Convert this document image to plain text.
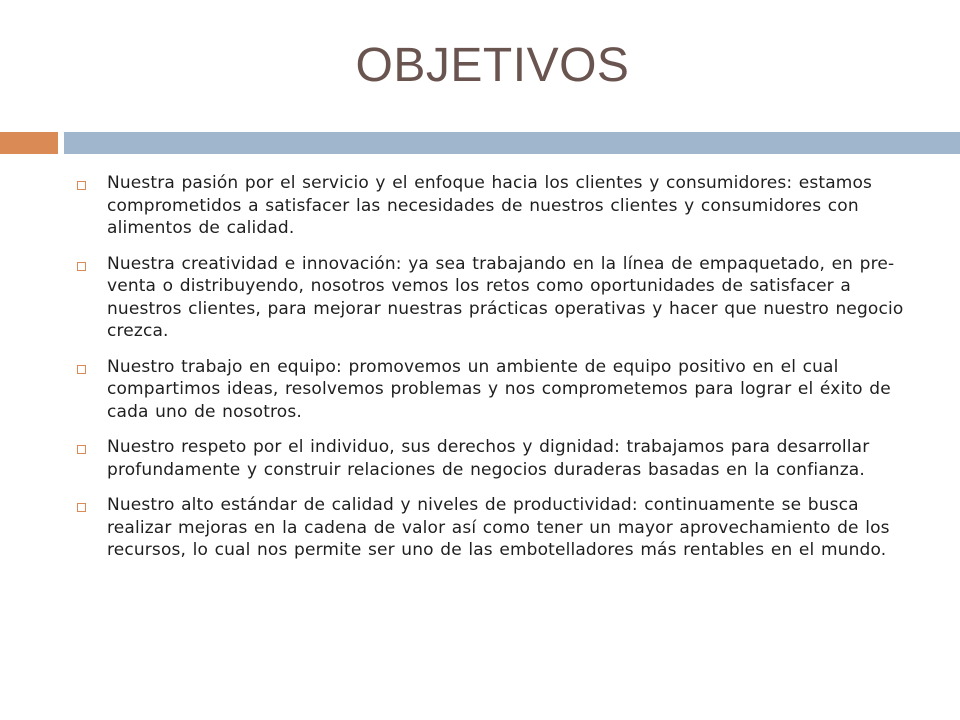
OBJETIVOS
Nuestra pasión por el servicio y el enfoque hacia los clientes y consumidores: estamos comprometidos a satisfacer las necesidades de nuestros clientes y consumidores con alimentos de calidad.
Nuestra creatividad e innovación: ya sea trabajando en la línea de empaquetado, en pre-venta o distribuyendo, nosotros vemos los retos como oportunidades de satisfacer a nuestros clientes, para mejorar nuestras prácticas operativas y hacer que nuestro negocio crezca.
Nuestro trabajo en equipo: promovemos un ambiente de equipo positivo en el cual compartimos ideas, resolvemos problemas y nos comprometemos para lograr el éxito de cada uno de nosotros.
Nuestro respeto por el individuo, sus derechos y dignidad: trabajamos para desarrollar profundamente y construir relaciones de negocios duraderas basadas en la confianza.
Nuestro alto estándar de calidad y niveles de productividad: continuamente se busca realizar mejoras en la cadena de valor así como tener un mayor aprovechamiento de los recursos, lo cual nos permite ser uno de las embotelladores más rentables en el mundo.
